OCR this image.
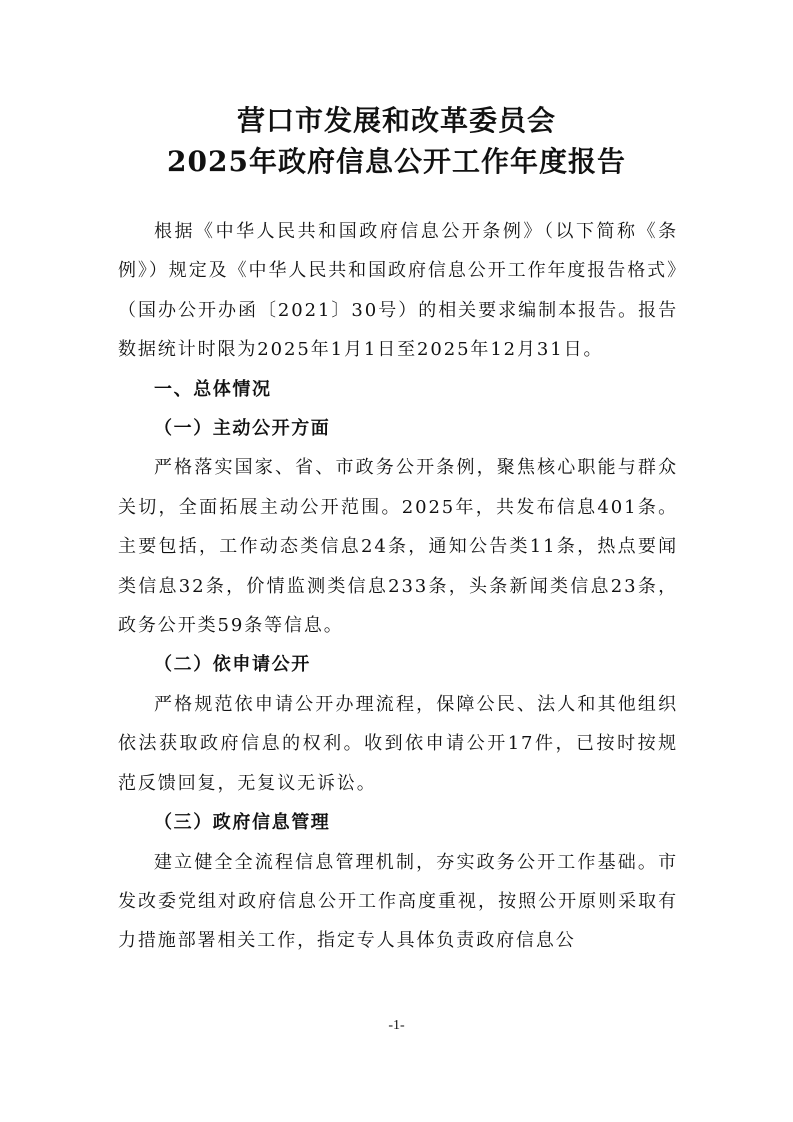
营口市发展和改革委员会
2025年政府信息公开工作年度报告

根据《中华人民共和国政府信息公开条例》（以下简称《条例》）规定及《中华人民共和国政府信息公开工作年度报告格式》（国办公开办函〔2021〕30号）的相关要求编制本报告。报告数据统计时限为2025年1月1日至2025年12月31日。

一、总体情况

（一）主动公开方面

严格落实国家、省、市政务公开条例，聚焦核心职能与群众关切，全面拓展主动公开范围。2025年，共发布信息401条。主要包括，工作动态类信息24条，通知公告类11条，热点要闻类信息32条，价情监测类信息233条，头条新闻类信息23条，政务公开类59条等信息。

（二）依申请公开

严格规范依申请公开办理流程，保障公民、法人和其他组织依法获取政府信息的权利。收到依申请公开17件，已按时按规范反馈回复，无复议无诉讼。

（三）政府信息管理

建立健全全流程信息管理机制，夯实政务公开工作基础。市发改委党组对政府信息公开工作高度重视，按照公开原则采取有力措施部署相关工作，指定专人具体负责政府信息公

-1-
